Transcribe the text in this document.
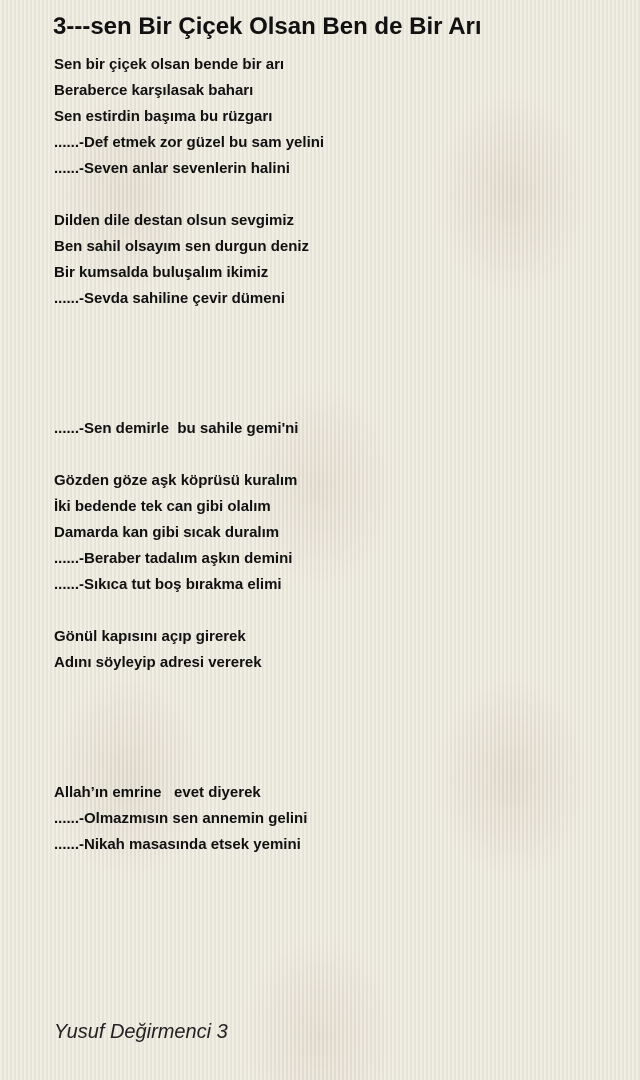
3---sen Bir Çiçek Olsan Ben de Bir Arı
Sen bir çiçek olsan bende bir arı
Beraberce karşılasak baharı
Sen estirdin başıma bu rüzgarı
......-Def etmek zor güzel bu sam yelini
......-Seven anlar sevenlerin halini
Dilden dile destan olsun sevgimiz
Ben sahil olsayım sen durgun deniz
Bir kumsalda buluşalım ikimiz
......-Sevda sahiline çevir dümeni
......-Sen demirle  bu sahile gemi'ni
Gözden göze aşk köprüsü kuralım
İki bedende tek can gibi olalım
Damarda kan gibi sıcak duralım
......-Beraber tadalım aşkın demini
......-Sıkıca tut boş bırakma elimi
Gönül kapısını açıp girerek
Adını söyleyip adresi vererek
Allah’ın emrine   evet diyerek
......-Olmazmısın sen annemin gelini
......-Nikah masasında etsek yemini
Yusuf Değirmenci 3
